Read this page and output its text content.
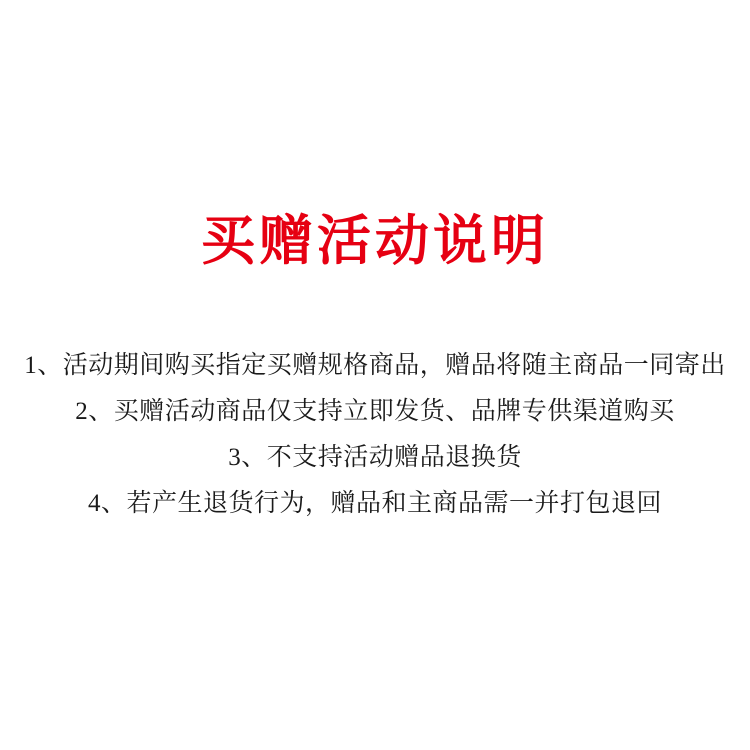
买赠活动说明
1、活动期间购买指定买赠规格商品，赠品将随主商品一同寄出
2、买赠活动商品仅支持立即发货、品牌专供渠道购买
3、不支持活动赠品退换货
4、若产生退货行为，赠品和主商品需一并打包退回
